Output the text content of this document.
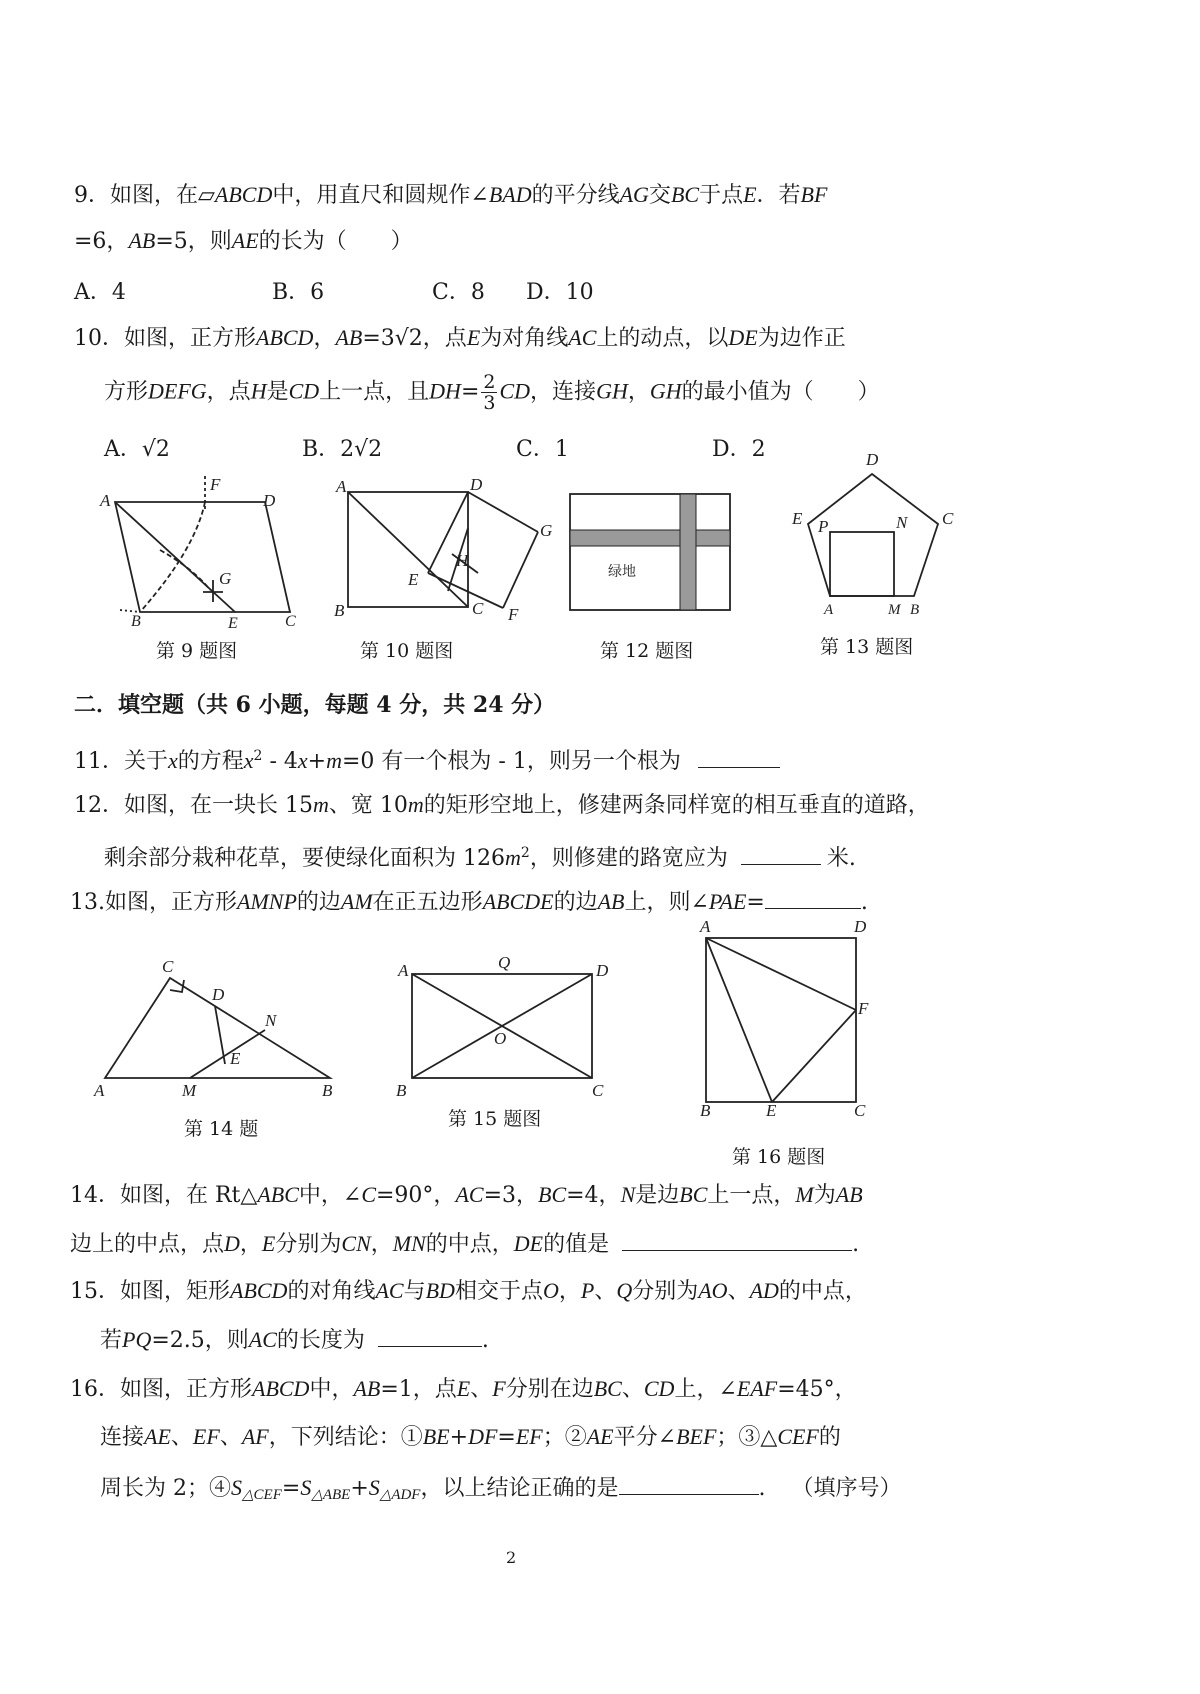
9．如图，在▱ABCD中，用直尺和圆规作∠BAD的平分线AG交BC于点E．若BF
=6，AB=5，则AE的长为（　　）
A．4	B．6	C．8 D．10
10．如图，正方形ABCD，AB=3√2，点E为对角线AC上的动点，以DE为边作正
方形DEFG，点H是CD上一点，且$DH= \frac{2}{3}$ CD，连接GH，GH的最小值为（　　）
A．√2	B．2√2	C．1	D．2
A
F
D
G
B	E	C
A	D
G
H
E
B	C F
绿地
D
E	C
P	N
A	M B
第 9 题图	第 10 题图	第 12 题图	第 13 题图
二．填空题（共 6 小题，每题 4 分，共 24 分）
11．关于x的方程$x^2 - 4x+m=0$ 有一个根为 - 1，则另一个根为
12．如图，在一块长 15m、宽 10m的矩形空地上，修建两条同样宽的相互垂直的道路，
剩余部分栽种花草，要使绿化面积为 $126m^2$，则修建的路宽应为	米.
13.如图，正方形AMNP的边AM在正五边形ABCDE的边AB上，则∠PAE=	.
C
D
N
E
A	M	B
A	Q	D
O
B	C
A	D
F
B	E	C
第 14 题	第 15 题图
第 16 题图
14．如图，在 Rt△ABC中，∠C=90°，AC=3，BC=4，N是边BC上一点，M为AB
边上的中点，点D，E分别为CN，MN的中点，DE的值是	.
15．如图，矩形ABCD的对角线AC与BD相交于点O，P、Q分别为AO、AD的中点，
若PQ=2.5，则AC的长度为	.
16．如图，正方形ABCD中，AB=1，点E、F分别在边BC、CD上，∠EAF=45°，
连接AE、EF、AF，下列结论：①BE+DF=EF；②AE平分∠BEF；③△CEF的
周长为 2；$④S_{\triangle CEF}=S_{\triangle ABE}+S_{\triangle ADF}$，以上结论正确的是	. （填序号）
2
